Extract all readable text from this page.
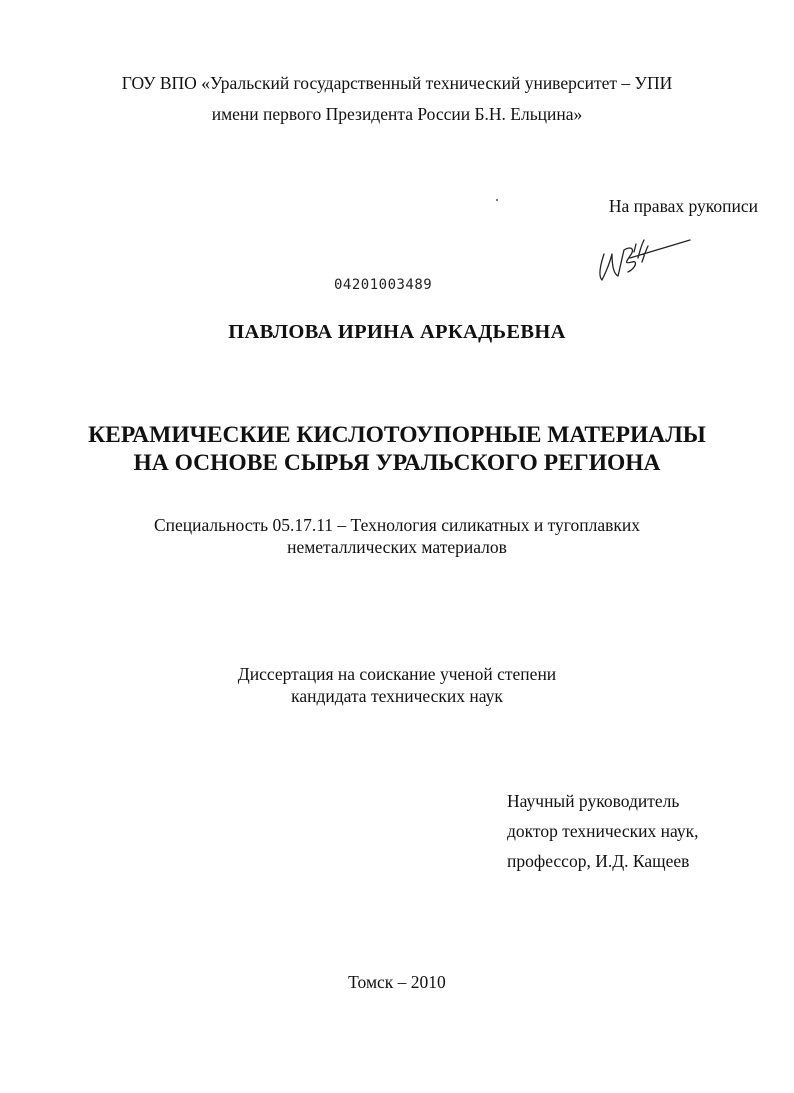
ГОУ ВПО «Уральский государственный технический университет – УПИ
имени первого Президента России Б.Н. Ельцина»
На правах рукописи
04201003489
ПАВЛОВА ИРИНА АРКАДЬЕВНА
КЕРАМИЧЕСКИЕ КИСЛОТОУПОРНЫЕ МАТЕРИАЛЫ
НА ОСНОВЕ СЫРЬЯ УРАЛЬСКОГО РЕГИОНА
Специальность 05.17.11 – Технология силикатных и тугоплавких
неметаллических материалов
Диссертация на соискание ученой степени
кандидата технических наук
Научный руководитель
доктор технических наук,
профессор, И.Д. Кащеев
Томск – 2010
